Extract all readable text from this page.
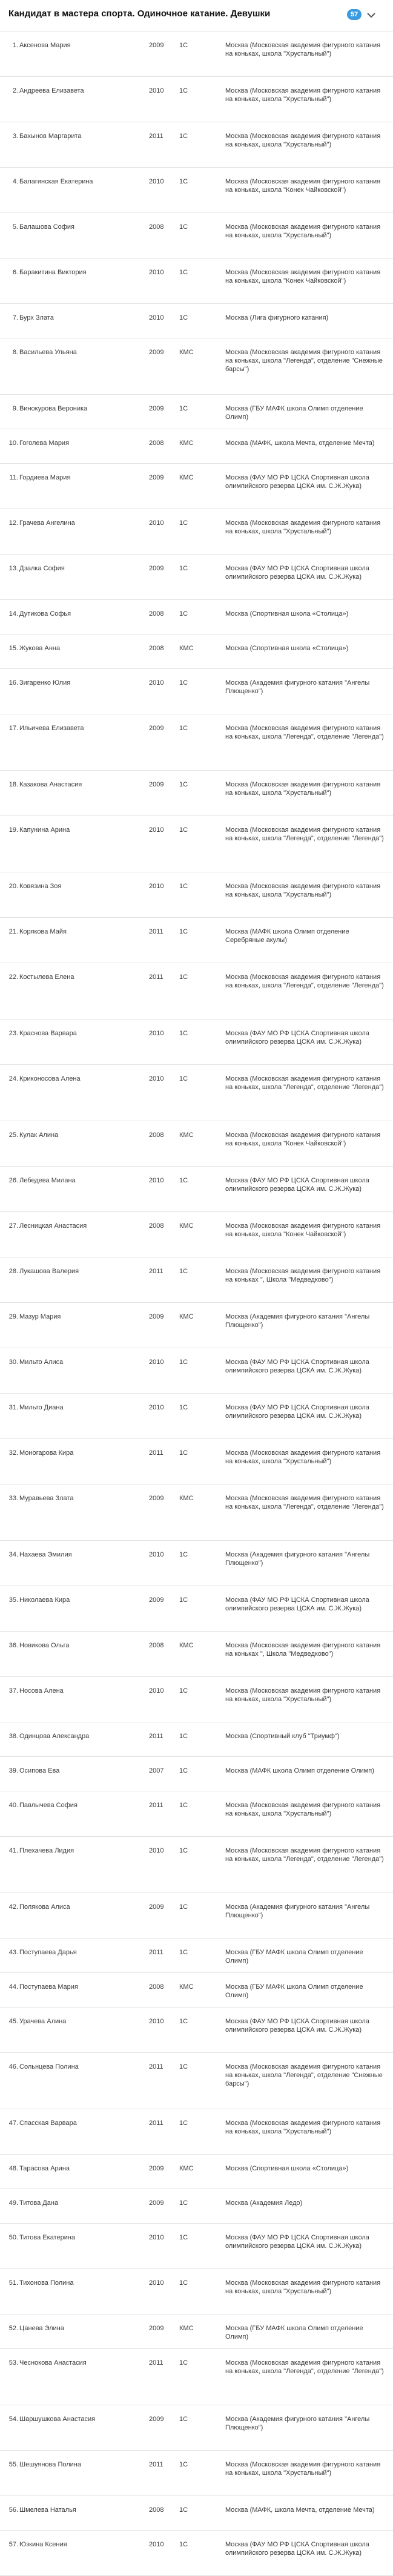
Кандидат в мастера спорта. Одиночное катание. Девушки	57
1. Аксенова Мария	2009	1С	Москва (Московская академия фигурного катания на коньках, школа "Хрустальный")
2. Андреева Елизавета	2010	1С	Москва (Московская академия фигурного катания на коньках, школа "Хрустальный")
3. Бахынов Маргарита	2011	1С	Москва (Московская академия фигурного катания на коньках, школа "Хрустальный")
4. Балагинская Екатерина	2010	1С	Москва (Московская академия фигурного катания на коньках, школа "Конек Чайковской")
5. Балашова София	2008	1С	Москва (Московская академия фигурного катания на коньках, школа "Хрустальный")
6. Баракитина Виктория	2010	1С	Москва (Московская академия фигурного катания на коньках, школа "Конек Чайковской")
7. Бурх Злата	2010	1С	Москва (Лига фигурного катания)
8. Васильева Ульяна	2009	КМС	Москва (Московская академия фигурного катания на коньках, школа "Легенда", отделение "Снежные барсы")
9. Винокурова Вероника	2009	1С	Москва (ГБУ МАФК школа Олимп отделение Олимп)
10. Гоголева Мария	2008	КМС	Москва (МАФК, школа Мечта, отделение Мечта)
11. Гордиева Мария	2009	КМС	Москва (ФАУ МО РФ ЦСКА Спортивная школа олимпийского резерва ЦСКА им. С.Ж.Жука)
12. Грачева Ангелина	2010	1С	Москва (Московская академия фигурного катания на коньках, школа "Хрустальный")
13. Дзалка София	2009	1С	Москва (ФАУ МО РФ ЦСКА Спортивная школа олимпийского резерва ЦСКА им. С.Ж.Жука)
14. Дутикова Софья	2008	1С	Москва (Спортивная школа «Столица»)
15. Жукова Анна	2008	КМС	Москва (Спортивная школа «Столица»)
16. Зигаренко Юлия	2010	1С	Москва (Академия фигурного катания "Ангелы Плющенко")
17. Ильичева Елизавета	2009	1С	Москва (Московская академия фигурного катания на коньках, школа "Легенда", отделение "Легенда")
18. Казакова Анастасия	2009	1С	Москва (Московская академия фигурного катания на коньках, школа "Хрустальный")
19. Капунина Арина	2010	1С	Москва (Московская академия фигурного катания на коньках, школа "Легенда", отделение "Легенда")
20. Ковязина Зоя	2010	1С	Москва (Московская академия фигурного катания на коньках, школа "Хрустальный")
21. Корякова Майя	2011	1С	Москва (МАФК школа Олимп отделение Серебряные акулы)
22. Костылева Елена	2011	1С	Москва (Московская академия фигурного катания на коньках, школа "Легенда", отделение "Легенда")
23. Краснова Варвара	2010	1С	Москва (ФАУ МО РФ ЦСКА Спортивная школа олимпийского резерва ЦСКА им. С.Ж.Жука)
24. Криконосова Алена	2010	1С	Москва (Московская академия фигурного катания на коньках, школа "Легенда", отделение "Легенда")
25. Кулак Алина	2008	КМС	Москва (Московская академия фигурного катания на коньках, школа "Конек Чайковской")
26. Лебедева Милана	2010	1С	Москва (ФАУ МО РФ ЦСКА Спортивная школа олимпийского резерва ЦСКА им. С.Ж.Жука)
27. Лесницкая Анастасия	2008	КМС	Москва (Московская академия фигурного катания на коньках, школа "Конек Чайковской")
28. Лукашова Валерия	2011	1С	Москва (Московская академия фигурного катания на коньках ", Школа "Медведково")
29. Мазур Мария	2009	КМС	Москва (Академия фигурного катания "Ангелы Плющенко")
30. Мильто Алиса	2010	1С	Москва (ФАУ МО РФ ЦСКА Спортивная школа олимпийского резерва ЦСКА им. С.Ж.Жука)
31. Мильто Диана	2010	1С	Москва (ФАУ МО РФ ЦСКА Спортивная школа олимпийского резерва ЦСКА им. С.Ж.Жука)
32. Моногарова Кира	2011	1С	Москва (Московская академия фигурного катания на коньках, школа "Хрустальный")
33. Муравьева Злата	2009	КМС	Москва (Московская академия фигурного катания на коньках, школа "Легенда", отделение "Легенда")
34. Нахаева Эмилия	2010	1С	Москва (Академия фигурного катания "Ангелы Плющенко")
35. Николаева Кира	2009	1С	Москва (ФАУ МО РФ ЦСКА Спортивная школа олимпийского резерва ЦСКА им. С.Ж.Жука)
36. Новикова Ольга	2008	КМС	Москва (Московская академия фигурного катания на коньках ", Школа "Медведково")
37. Носова Алена	2010	1С	Москва (Московская академия фигурного катания на коньках, школа "Хрустальный")
38. Одинцова Александра	2011	1С	Москва (Спортивный клуб "Триумф")
39. Осипова Ева	2007	1С	Москва (МАФК школа Олимп отделение Олимп)
40. Павлычева София	2011	1С	Москва (Московская академия фигурного катания на коньках, школа "Хрустальный")
41. Плехачева Лидия	2010	1С	Москва (Московская академия фигурного катания на коньках, школа "Легенда", отделение "Легенда")
42. Полякова Алиса	2009	1С	Москва (Академия фигурного катания "Ангелы Плющенко")
43. Поступаева Дарья	2011	1С	Москва (ГБУ МАФК школа Олимп отделение Олимп)
44. Поступаева Мария	2008	КМС	Москва (ГБУ МАФК школа Олимп отделение Олимп)
45. Урачева Алина	2010	1С	Москва (ФАУ МО РФ ЦСКА Спортивная школа олимпийского резерва ЦСКА им. С.Ж.Жука)
46. Сольнцева Полина	2011	1С	Москва (Московская академия фигурного катания на коньках, школа "Легенда", отделение "Снежные барсы")
47. Спасская Варвара	2011	1С	Москва (Московская академия фигурного катания на коньках, школа "Хрустальный")
48. Тарасова Арина	2009	КМС	Москва (Спортивная школа «Столица»)
49. Титова Дана	2009	1С	Москва (Академия Ледо)
50. Титова Екатерина	2010	1С	Москва (ФАУ МО РФ ЦСКА Спортивная школа олимпийского резерва ЦСКА им. С.Ж.Жука)
51. Тихонова Полина	2010	1С	Москва (Московская академия фигурного катания на коньках, школа "Хрустальный")
52. Цанева Элина	2009	КМС	Москва (ГБУ МАФК школа Олимп отделение Олимп)
53. Чеснокова Анастасия	2011	1С	Москва (Московская академия фигурного катания на коньках, школа "Легенда", отделение "Легенда")
54. Шаршушкова Анастасия	2009	1С	Москва (Академия фигурного катания "Ангелы Плющенко")
55. Шешуянова Полина	2011	1С	Москва (Московская академия фигурного катания на коньках, школа "Хрустальный")
56. Шмелева Наталья	2008	1С	Москва (МАФК, школа Мечта, отделение Мечта)
57. Юзкина Ксения	2010	1С	Москва (ФАУ МО РФ ЦСКА Спортивная школа олимпийского резерва ЦСКА им. С.Ж.Жука)
